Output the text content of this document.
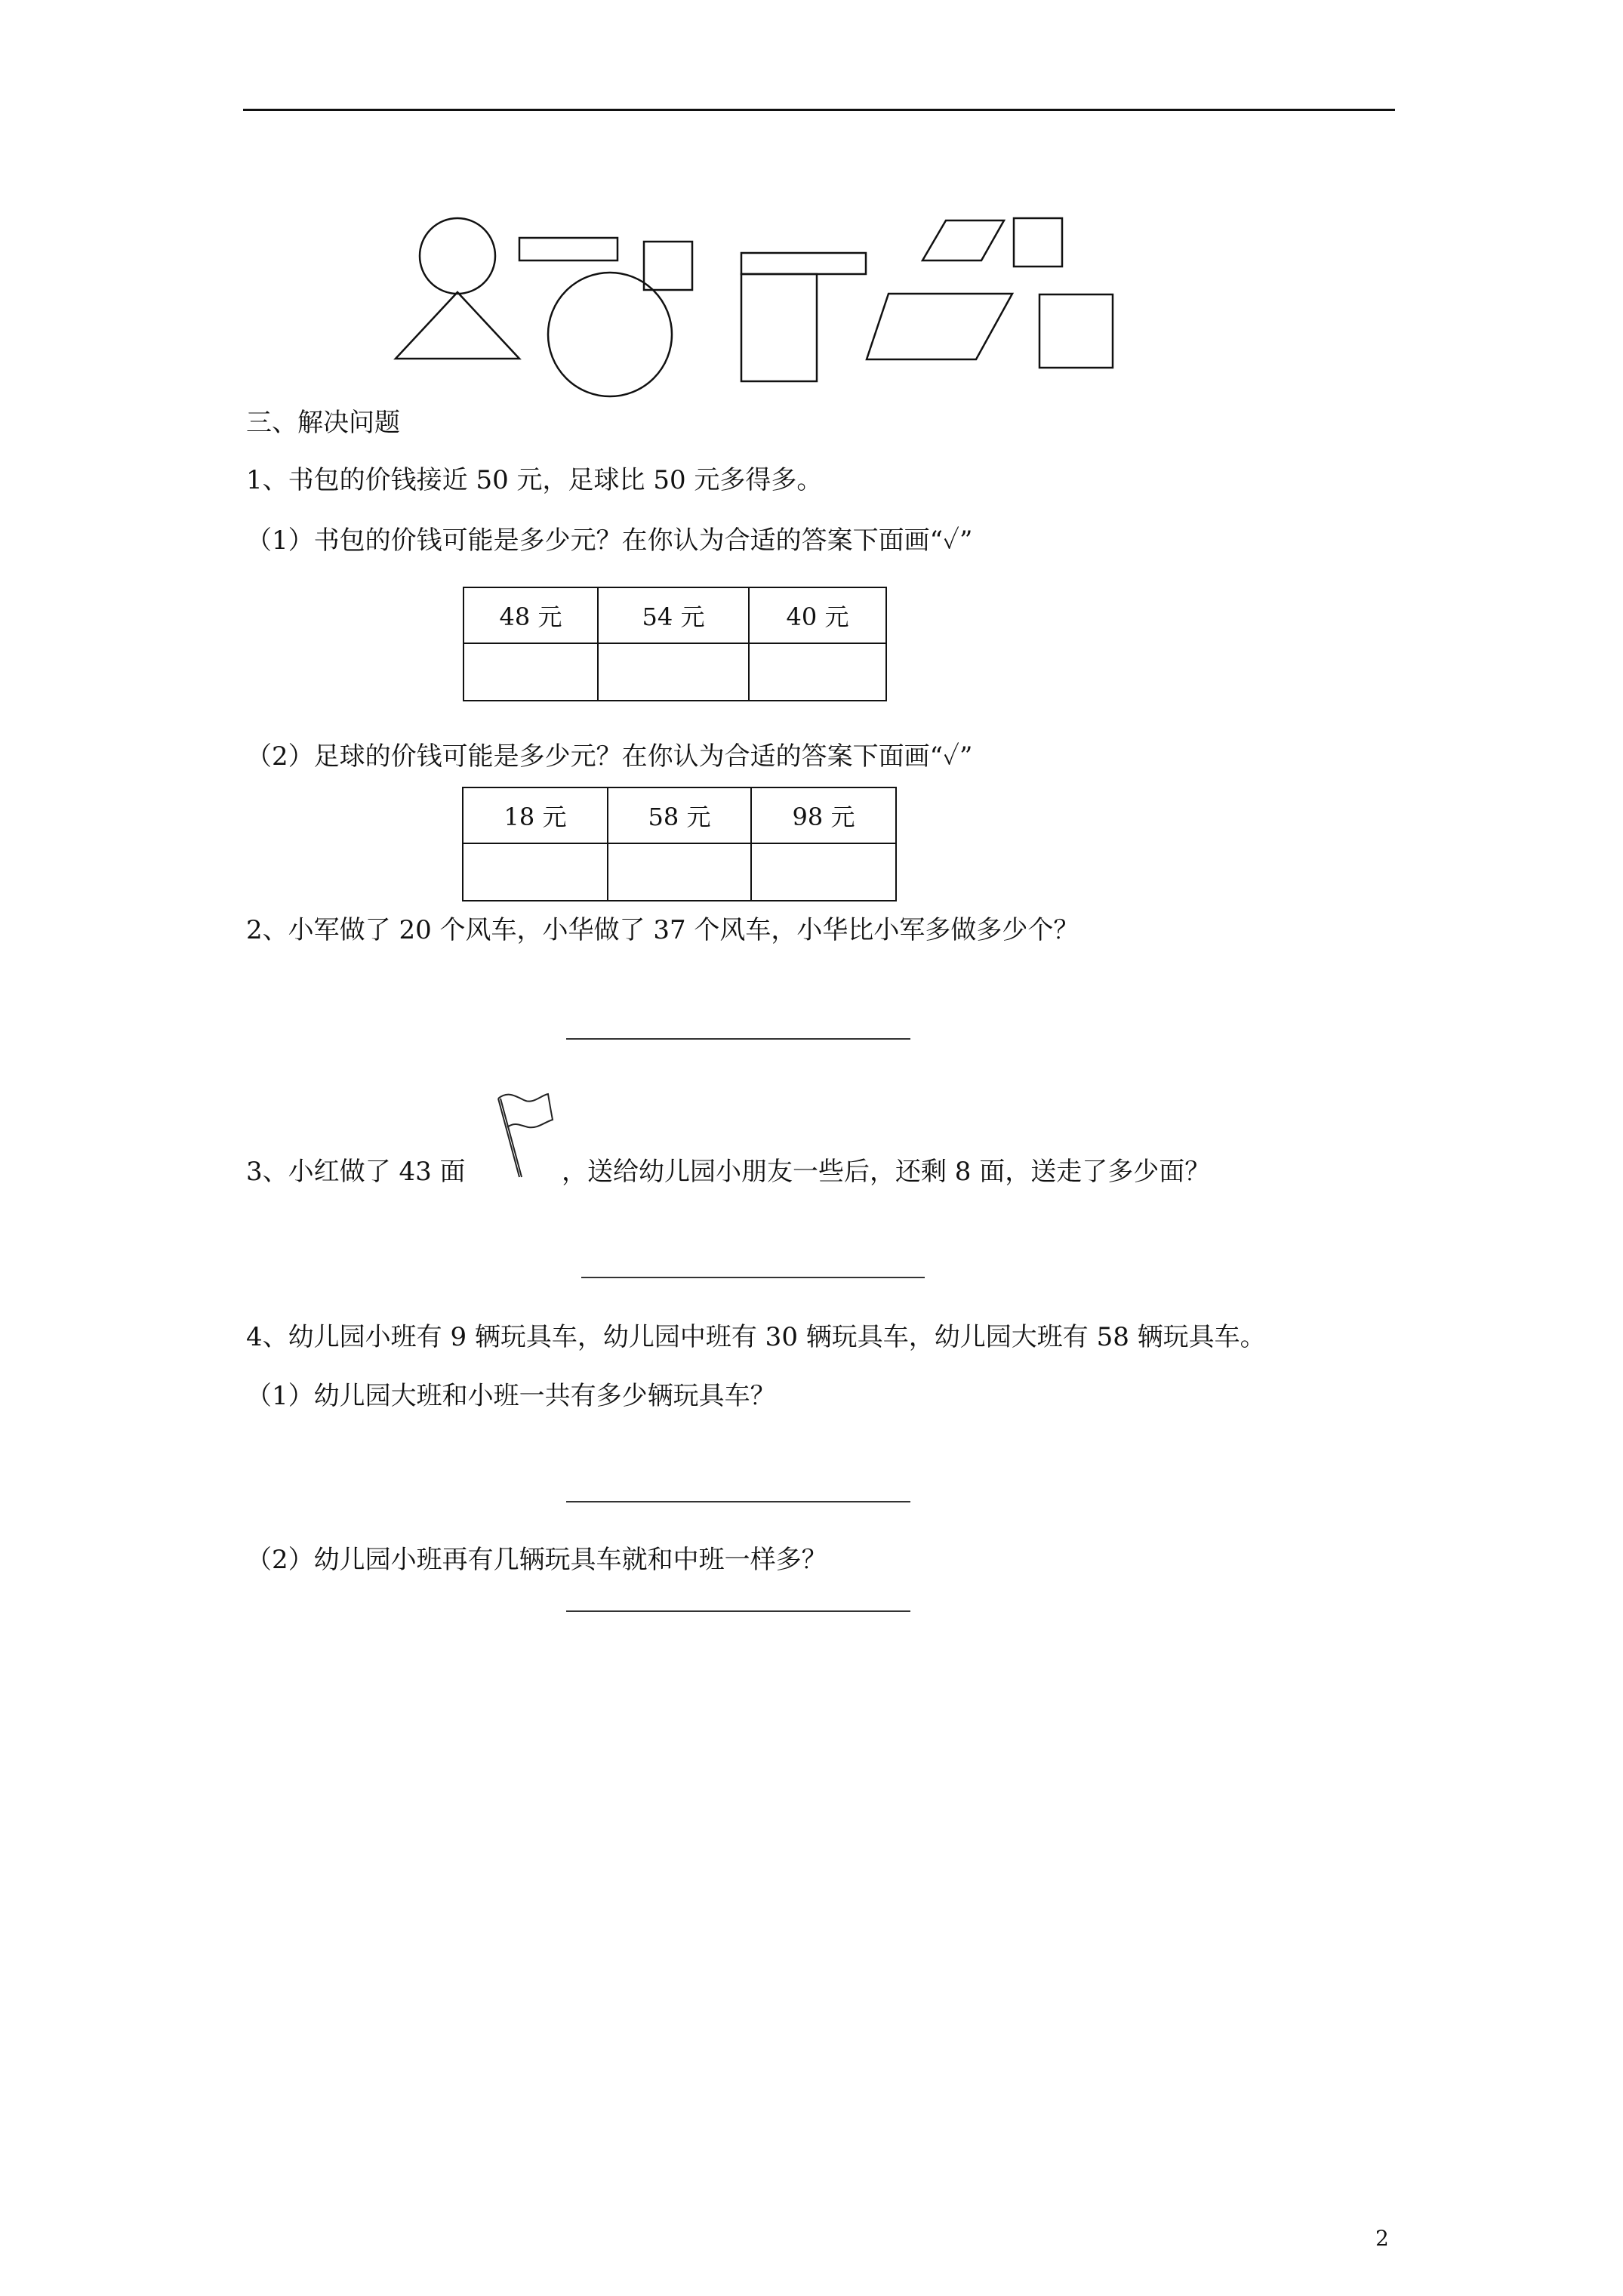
三、解决问题
1、书包的价钱接近 50 元，足球比 50 元多得多。
（1）书包的价钱可能是多少元？在你认为合适的答案下面画“✓”
48 元	54 元	40 元

（2）足球的价钱可能是多少元？在你认为合适的答案下面画“✓”
18 元	58 元	98 元

2、小军做了 20 个风车，小华做了 37 个风车，小华比小军多做多少个？
3、小红做了 43 面	，送给幼儿园小朋友一些后，还剩 8 面，送走了多少面？
4、幼儿园小班有 9 辆玩具车，幼儿园中班有 30 辆玩具车，幼儿园大班有 58 辆玩具车。
（1）幼儿园大班和小班一共有多少辆玩具车？
（2）幼儿园小班再有几辆玩具车就和中班一样多？
2
